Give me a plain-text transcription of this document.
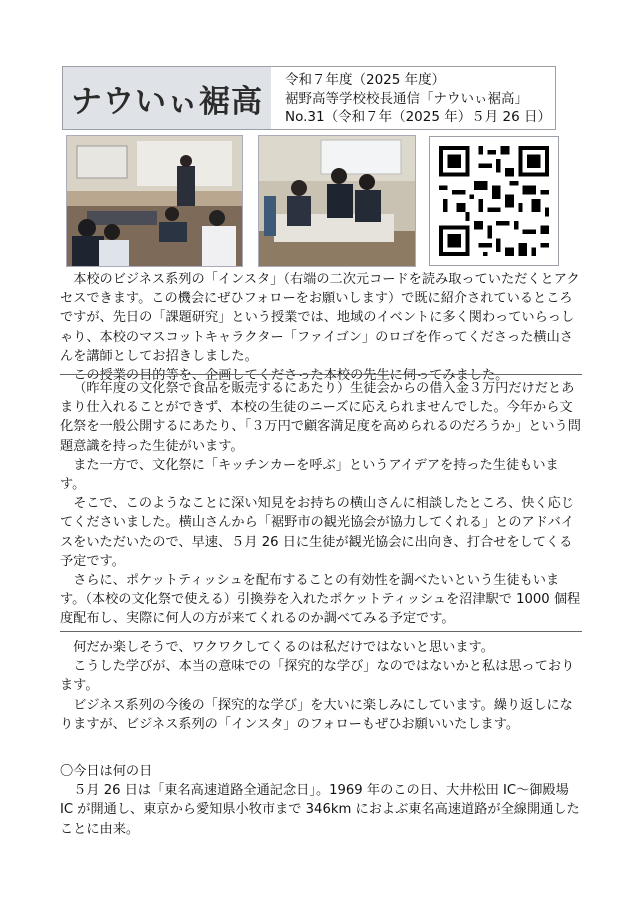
ナウいぃ裾高
令和７年度（2025 年度）
裾野高等学校校長通信「ナウいぃ裾高」
No.31（令和７年（2025 年）５月 26 日）

本校のビジネス系列の「インスタ」（右端の二次元コードを読み取っていただくとアクセスできます。この機会にぜひフォローをお願いします）で既に紹介されているところですが、先日の「課題研究」という授業では、地域のイベントに多く関わっていらっしゃり、本校のマスコットキャラクター「ファイゴン」のロゴを作ってくださった横山さんを講師としてお招きしました。

この授業の目的等を、企画してくださった本校の先生に伺ってみました。

（昨年度の文化祭で食品を販売するにあたり）生徒会からの借入金３万円だけだとあまり仕入れることができず、本校の生徒のニーズに応えられませんでした。今年から文化祭を一般公開するにあたり、「３万円で顧客満足度を高められるのだろうか」という問題意識を持った生徒がいます。

また一方で、文化祭に「キッチンカーを呼ぶ」というアイデアを持った生徒もいます。

そこで、このようなことに深い知見をお持ちの横山さんに相談したところ、快く応じてくださいました。横山さんから「裾野市の観光協会が協力してくれる」とのアドバイスをいただいたので、早速、５月 26 日に生徒が観光協会に出向き、打合せをしてくる予定です。

さらに、ポケットティッシュを配布することの有効性を調べたいという生徒もいます。（本校の文化祭で使える）引換券を入れたポケットティッシュを沼津駅で 1000 個程度配布し、実際に何人の方が来てくれるのか調べてみる予定です。

何だか楽しそうで、ワクワクしてくるのは私だけではないと思います。

こうした学びが、本当の意味での「探究的な学び」なのではないかと私は思っております。

ビジネス系列の今後の「探究的な学び」を大いに楽しみにしています。繰り返しになりますが、ビジネス系列の「インスタ」のフォローもぜひお願いいたします。

〇今日は何の日

５月 26 日は「東名高速道路全通記念日」。1969 年のこの日、大井松田 IC～御殿場 IC が開通し、東京から愛知県小牧市まで 346km におよぶ東名高速道路が全線開通したことに由来。
